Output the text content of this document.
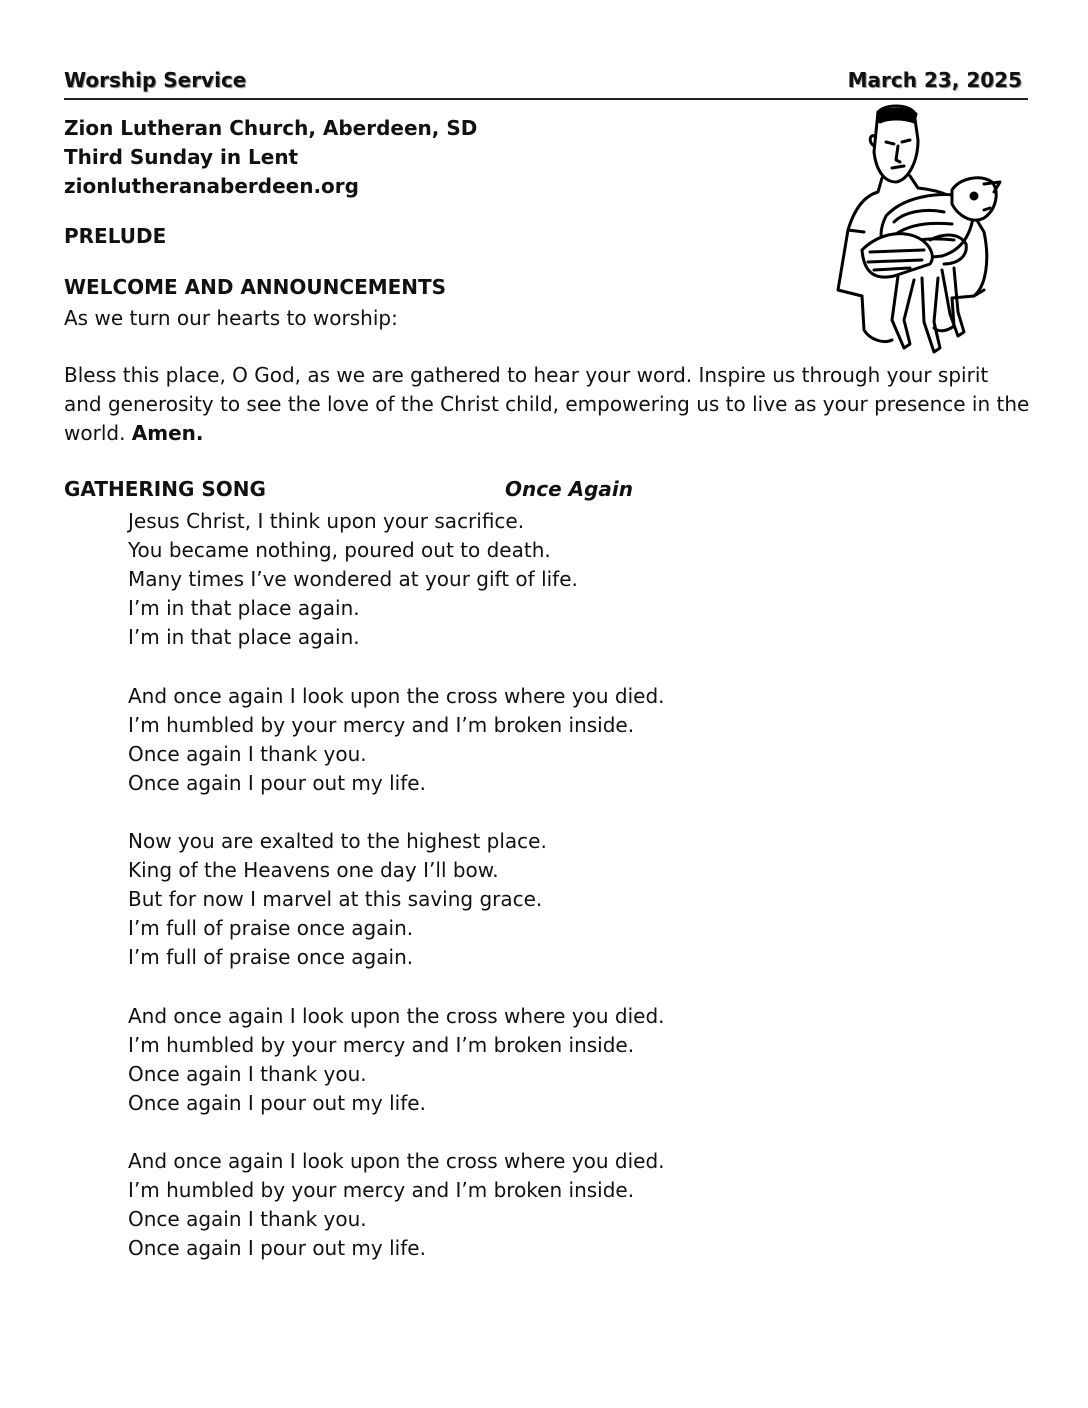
Worship Service	March 23, 2025
Zion Lutheran Church, Aberdeen, SD
Third Sunday in Lent
zionlutheranaberdeen.org
PRELUDE
WELCOME AND ANNOUNCEMENTS
As we turn our hearts to worship:
Bless this place, O God, as we are gathered to hear your word. Inspire us through your spirit
and generosity to see the love of the Christ child, empowering us to live as your presence in the
world. Amen.
GATHERING SONG	Once Again
Jesus Christ, I think upon your sacrifice.
You became nothing, poured out to death.
Many times I’ve wondered at your gift of life.
I’m in that place again.
I’m in that place again.
And once again I look upon the cross where you died.
I’m humbled by your mercy and I’m broken inside.
Once again I thank you.
Once again I pour out my life.
Now you are exalted to the highest place.
King of the Heavens one day I’ll bow.
But for now I marvel at this saving grace.
I’m full of praise once again.
I’m full of praise once again.
And once again I look upon the cross where you died.
I’m humbled by your mercy and I’m broken inside.
Once again I thank you.
Once again I pour out my life.
And once again I look upon the cross where you died.
I’m humbled by your mercy and I’m broken inside.
Once again I thank you.
Once again I pour out my life.
